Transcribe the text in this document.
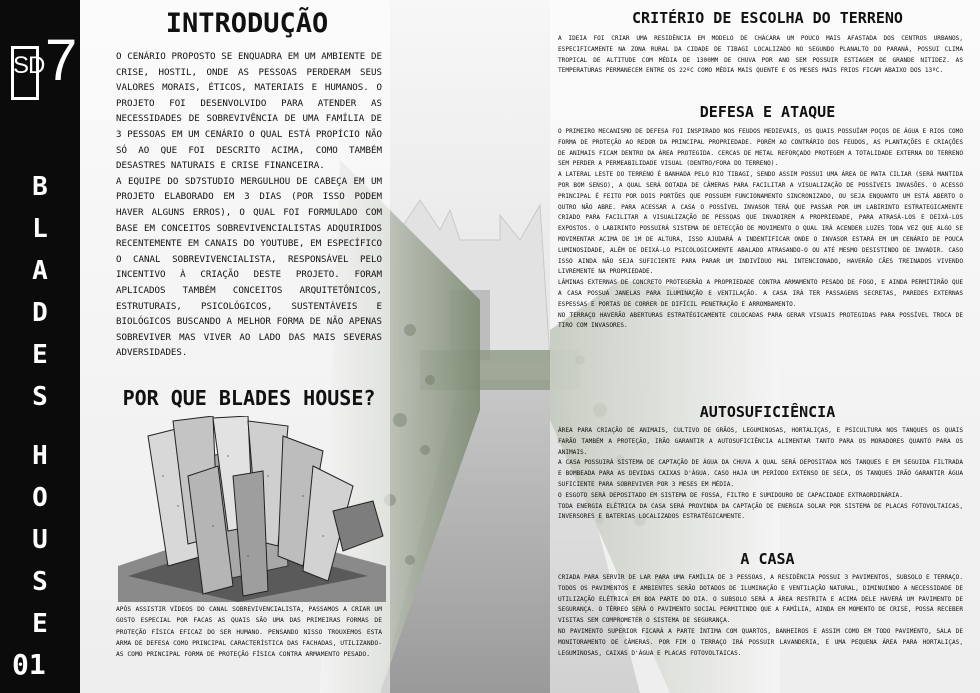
SD 7
B
L
A
D
E
S
H
O
U
S
E
01
INTRODUÇÃO

O CENÁRIO PROPOSTO SE ENQUADRA EM UM AMBIENTE DE CRISE, HOSTIL, ONDE AS PESSOAS PERDERAM SEUS VALORES MORAIS, ÉTICOS, MATERIAIS E HUMANOS. O PROJETO FOI DESENVOLVIDO PARA ATENDER AS NECESSIDADES DE SOBREVIVÊNCIA DE UMA FAMÍLIA DE 3 PESSOAS EM UM CENÁRIO O QUAL ESTÁ PROPÍCIO NÃO SÓ AO QUE FOI DESCRITO ACIMA, COMO TAMBÉM DESASTRES NATURAIS E CRISE FINANCEIRA.

A EQUIPE DO SD7STUDIO MERGULHOU DE CABEÇA EM UM PROJETO ELABORADO EM 3 DIAS (POR ISSO PODEM HAVER ALGUNS ERROS), O QUAL FOI FORMULADO COM BASE EM CONCEITOS SOBREVIVENCIALISTAS ADQUIRIDOS RECENTEMENTE EM CANAIS DO YOUTUBE, EM ESPECÍFICO O CANAL SOBREVIVENCIALISTA, RESPONSÁVEL PELO INCENTIVO À CRIAÇÃO DESTE PROJETO. FORAM APLICADOS TAMBÉM CONCEITOS ARQUITETÔNICOS, ESTRUTURAIS, PSICOLÓGICOS, SUSTENTÁVEIS E BIOLÓGICOS BUSCANDO A MELHOR FORMA DE NÃO APENAS SOBREVIVER MAS VIVER AO LADO DAS MAIS SEVERAS ADVERSIDADES.

POR QUE BLADES HOUSE?

APÓS ASSISTIR VÍDEOS DO CANAL SOBREVIVENCIALISTA, PASSAMOS A CRIAR UM GOSTO ESPECIAL POR FACAS AS QUAIS SÃO UMA DAS PRIMEIRAS FORMAS DE PROTEÇÃO FÍSICA EFICAZ DO SER HUMANO. PENSANDO NISSO TROUXEMOS ESTA ARMA DE DEFESA COMO PRINCIPAL CARACTERÍSTICA DAS FACHADAS, UTILIZANDO-AS COMO PRINCIPAL FORMA DE PROTEÇÃO FÍSICA CONTRA ARMAMENTO PESADO.

CRITÉRIO DE ESCOLHA DO TERRENO

A IDEIA FOI CRIAR UMA RESIDÊNCIA EM MODELO DE CHÁCARA UM POUCO MAIS AFASTADA DOS CENTROS URBANOS, ESPECIFICAMENTE NA ZONA RURAL DA CIDADE DE TIBAGI LOCALIZADO NO SEGUNDO PLANALTO DO PARANÁ, POSSUI CLIMA TROPICAL DE ALTITUDE COM MÉDIA DE 1300MM DE CHUVA POR ANO SEM POSSUIR ESTIAGEM DE GRANDE NITIDEZ. AS TEMPERATURAS PERMANECEM ENTRE OS 22ºC COMO MÉDIA MAIS QUENTE E OS MESES MAIS FRIOS FICAM ABAIXO DOS 13ºC.

DEFESA E ATAQUE

O PRIMEIRO MECANISMO DE DEFESA FOI INSPIRADO NOS FEUDOS MEDIEVAIS, OS QUAIS POSSUÍAM POÇOS DE ÁGUA E RIOS COMO FORMA DE PROTEÇÃO AO REDOR DA PRINCIPAL PROPRIEDADE. PORÉM AO CONTRÁRIO DOS FEUDOS, AS PLANTAÇÕES E CRIAÇÕES DE ANIMAIS FICAM DENTRO DA ÁREA PROTEGIDA. CERCAS DE METAL REFORÇADO PROTEGEM A TOTALIDADE EXTERNA DO TERRENO SEM PERDER A PERMEABILIDADE VISUAL (DENTRO/FORA DO TERRENO).

A LATERAL LESTE DO TERRENO É BANHADA PELO RIO TIBAGI, SENDO ASSIM POSSUI UMA ÁREA DE MATA CILIAR (SERÁ MANTIDA POR BOM SENSO), A QUAL SERÁ DOTADA DE CÂMERAS PARA FACILITAR A VISUALIZAÇÃO DE POSSÍVEIS INVASÕES. O ACESSO PRINCIPAL É FEITO POR DOIS PORTÕES QUE POSSUEM FUNCIONAMENTO SINCRONIZADO, OU SEJA ENQUANTO UM ESTÁ ABERTO O OUTRO NÃO ABRE. PARA ACESSAR A CASA O POSSÍVEL INVASOR TERÁ QUE PASSAR POR UM LABIRINTO ESTRATEGICAMENTE CRIADO PARA FACILITAR A VISUALIZAÇÃO DE PESSOAS QUE INVADIREM A PROPRIEDADE, PARA ATRASÁ-LOS E DEIXÁ-LOS EXPOSTOS. O LABIRINTO POSSUIRÁ SISTEMA DE DETECÇÃO DE MOVIMENTO O QUAL IRÁ ACENDER LUZES TODA VEZ QUE ALGO SE MOVIMENTAR ACIMA DE 1M DE ALTURA, ISSO AJUDARÁ A INDENTIFICAR ONDE O INVASOR ESTARÁ EM UM CENÁRIO DE POUCA LUMINOSIDADE, ALÉM DE DEIXÁ-LO PSICOLOGICAMENTE ABALADO ATRASANDO-O OU ATÉ MESMO DESISTINDO DE INVADIR. CASO ISSO AINDA NÃO SEJA SUFICIENTE PARA PARAR UM INDIVÍDUO MAL INTENCIONADO, HAVERÃO CÃES TREINADOS VIVENDO LIVREMENTE NA PROPRIEDADE.

LÂMINAS EXTERNAS DE CONCRETO PROTEGERÃO A PROPRIEDADE CONTRA ARMAMENTO PESADO DE FOGO, E AINDA PERMITIRÃO QUE A CASA POSSUA JANELAS PARA ILUMINAÇÃO E VENTILAÇÃO. A CASA IRÁ TER PASSAGENS SECRETAS, PAREDES EXTERNAS ESPESSAS E PORTAS DE CORRER DE DIFÍCIL PENETRAÇÃO E ARROMBAMENTO.

NO TERRAÇO HAVERÃO ABERTURAS ESTRATÉGICAMENTE COLOCADAS PARA GERAR VISUAIS PROTEGIDAS PARA POSSÍVEL TROCA DE TIRO COM INVASORES.

AUTOSUFICIÊNCIA

ÁREA PARA CRIAÇÃO DE ANIMAIS, CULTIVO DE GRÃOS, LEGUMINOSAS, HORTALIÇAS, E PSICULTURA NOS TANQUES OS QUAIS FARÃO TAMBÉM A PROTEÇÃO, IRÃO GARANTIR A AUTOSUFICIÊNCIA ALIMENTAR TANTO PARA OS MORADORES QUANTO PARA OS ANIMAIS.

A CASA POSSUIRÁ SISTEMA DE CAPTAÇÃO DE ÁGUA DA CHUVA A QUAL SERÁ DEPOSITADA NOS TANQUES E EM SEGUIDA FILTRADA E BOMBEADA PARA AS DEVIDAS CAIXAS D'ÁGUA. CASO HAJA UM PERÍODO EXTENSO DE SECA, OS TANQUES IRÃO GARANTIR ÁGUA SUFICIENTE PARA SOBREVIVER POR 3 MESES EM MÉDIA.

O ESGOTO SERÁ DEPOSITADO EM SISTEMA DE FOSSA, FILTRO E SUMIDOURO DE CAPACIDADE EXTRAORDINÁRIA.

TODA ENERGIA ELÉTRICA DA CASA SERÁ PROVINDA DA CAPTAÇÃO DE ENERGIA SOLAR POR SISTEMA DE PLACAS FOTOVOLTAICAS, INVERSORES E BATERIAS LOCALIZADOS ESTRATÉGICAMENTE.

A CASA

CRIADA PARA SERVIR DE LAR PARA UMA FAMÍLIA DE 3 PESSOAS, A RESIDÊNCIA POSSUI 3 PAVIMENTOS, SUBSOLO E TERRAÇO. TODOS OS PAVIMENTOS E AMBIENTES SERÃO DOTADOS DE ILUMINAÇÃO E VENTILAÇÃO NATURAL, DIMINUINDO A NECESSIDADE DE UTILIZAÇÃO ELÉTRICA EM BOA PARTE DO DIA. O SUBSOLO SERÁ A ÁREA RESTRITA E ACIMA DELE HAVERÁ UM PAVIMENTO DE SEGURANÇA. O TÉRREO SERÁ O PAVIMENTO SOCIAL PERMITINDO QUE A FAMÍLIA, AINDA EM MOMENTO DE CRISE, POSSA RECEBER VISITAS SEM COMPROMETER O SISTEMA DE SEGURANÇA.

NO PAVIMENTO SUPERIOR FICARÁ A PARTE ÍNTIMA COM QUARTOS, BANHEIROS E ASSIM COMO EM TODO PAVIMENTO, SALA DE MONITORAMENTO DE CÂMERAS. POR FIM O TERRAÇO IRÁ POSSUIR LAVANDERIA, E UMA PEQUENA ÁREA PARA HORTALIÇAS, LEGUMINOSAS, CAIXAS D'ÁGUA E PLACAS FOTOVOLTAICAS.
